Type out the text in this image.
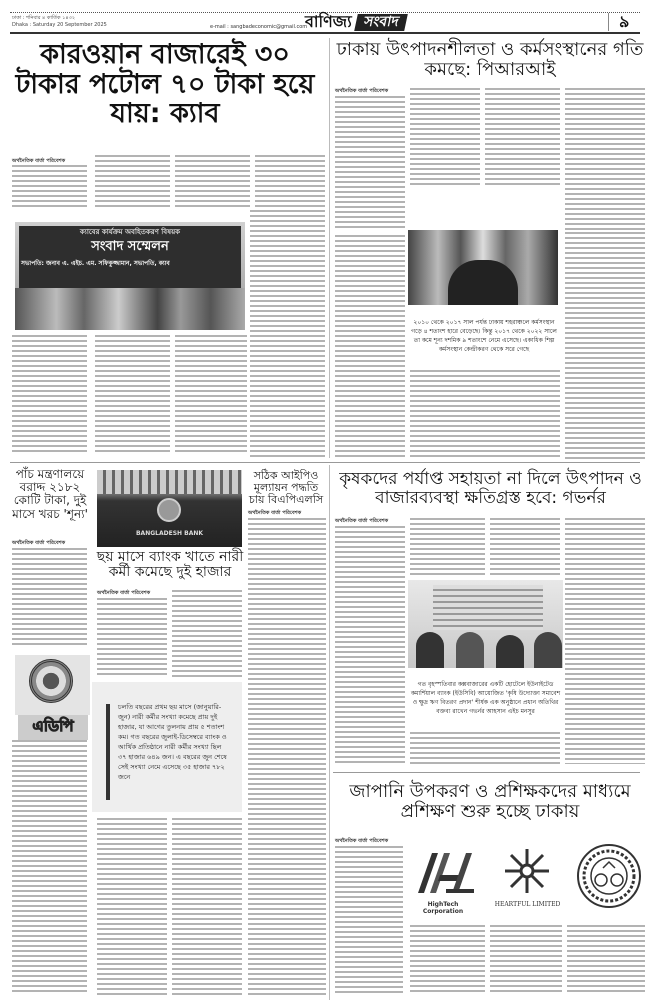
ঢাকা : শনিবার ৪ কার্তিক ১৪৩২
Dhaka : Saturday 20 September 2025	e-mail : sangbadeconomic@gmail.com
বাণিজ্য সংবাদ	৯
কারওয়ান বাজারেই ৩০ টাকার পটোল ৭০ টাকা হয়ে যায়: ক্যাব
অর্থনৈতিক বার্তা পরিবেশক
ক্যাবের কার্যক্রম অবহিতকরণ বিষয়ক
সংবাদ সম্মেলন
সভাপতি: জনাব এ. এইচ. এম. সফিকুজ্জামান, সভাপতি, ক্যাব
ঢাকায় উৎপাদনশীলতা ও কর্মসংস্থানের গতি কমছে: পিআরআই
অর্থনৈতিক বার্তা পরিবেশক
২০১০ থেকে ২০১৭ সাল পর্যন্ত ঢাকায় শহরাঞ্চলে কর্মসংস্থান গড়ে ৪ শতাংশ হারে বেড়েছে। কিন্তু ২০১৭ থেকে ২০২২ সালে তা কমে শূন্য দশমিক ৯ শতাংশে নেমে এসেছে। একাধিক শিল্প কর্মসংস্থান কেন্দ্রীকরণ থেকে সরে গেছে
পাঁচ মন্ত্রণালয়ে বরাদ্দ ২১৮২ কোটি টাকা, দুই মাসে খরচ 'শূন্য'
অর্থনৈতিক বার্তা পরিবেশক
এডিপি
BANGLADESH BANK
ছয় মাসে ব্যাংক খাতে নারী কর্মী কমেছে দুই হাজার
অর্থনৈতিক বার্তা পরিবেশক
চলতি বছরের প্রথম ছয় মাসে (জানুয়ারি-জুন) নারী কর্মীর সংখ্যা কমেছে প্রায় দুই হাজার, যা আগের তুলনায় প্রায় ৫ শতাংশ কম। গত বছরের জুলাই-ডিসেম্বরে ব্যাংক ও আর্থিক প্রতিষ্ঠানে নারী কর্মীর সংখ্যা ছিল ৩৭ হাজার ৬৪৯ জন। এ বছরের জুন শেষে সেই সংখ্যা নেমে এসেছে ৩৫ হাজার ৭৮২ জনে
সঠিক আইপিও মূল্যায়ন পদ্ধতি চায় বিএপিএলসি
অর্থনৈতিক বার্তা পরিবেশক
কৃষকদের পর্যাপ্ত সহায়তা না দিলে উৎপাদন ও বাজারব্যবস্থা ক্ষতিগ্রস্ত হবে: গভর্নর
অর্থনৈতিক বার্তা পরিবেশক
গত বৃহস্পতিবার কক্সবাজারের একটি হোটেলে ইউনাইটেড কমার্শিয়াল ব্যাংক (ইউসিবি) আয়োজিত 'কৃষি উদ্যোক্তা সমাবেশ ও ক্ষুদ্র ঋণ বিতরণ প্রদান' শীর্ষক এক অনুষ্ঠানে প্রধান অতিথির বক্তব্য রাখেন গভর্নর আহসান এইচ মনসুর
জাপানি উপকরণ ও প্রশিক্ষকদের মাধ্যমে প্রশিক্ষণ শুরু হচ্ছে ঢাকায়
অর্থনৈতিক বার্তা পরিবেশক
HighTech Corporation
HEARTFUL LIMITED
